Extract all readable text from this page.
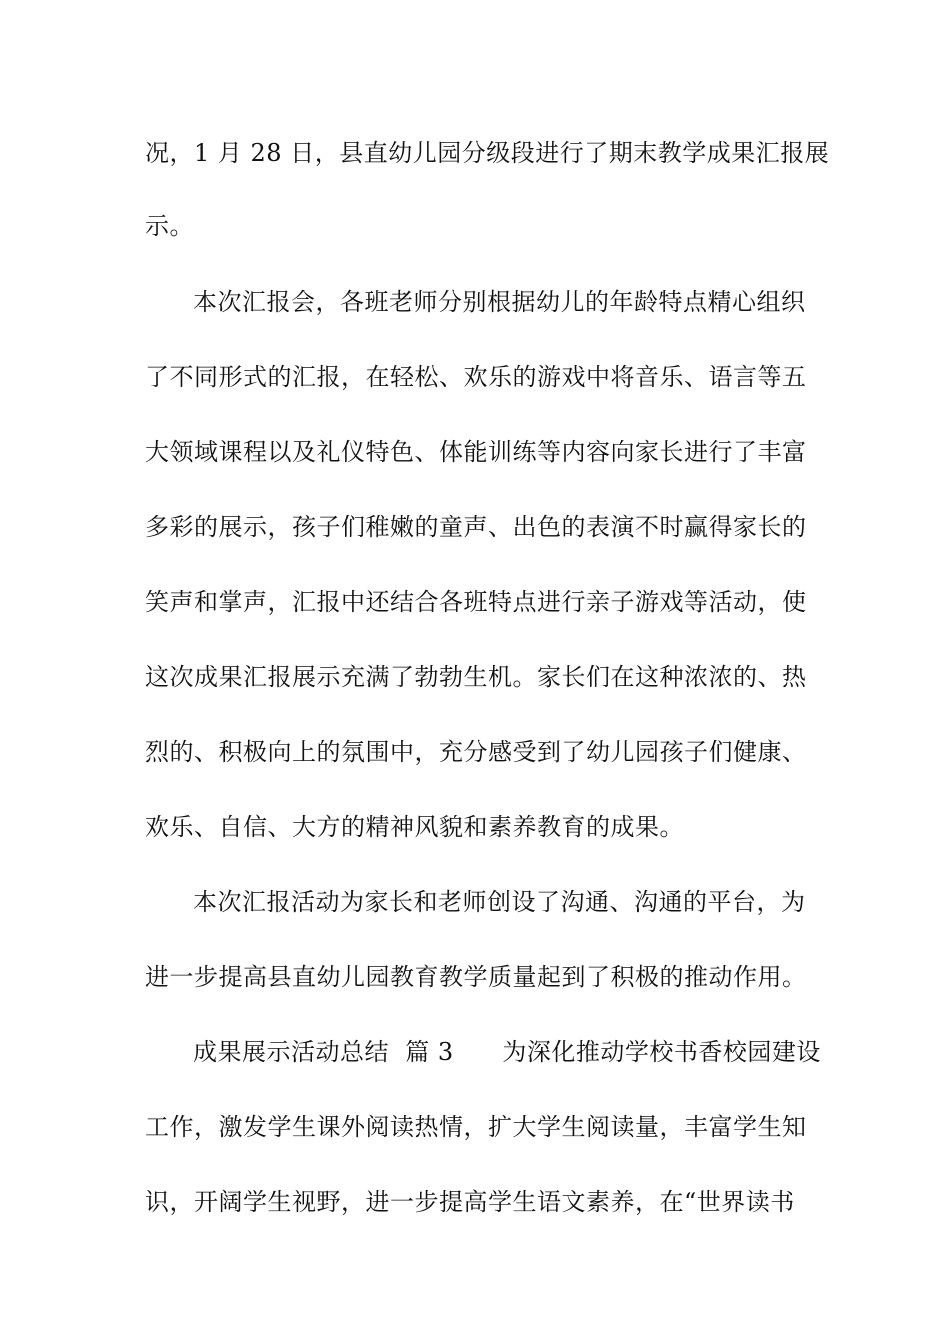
况，1 月 28 日，县直幼儿园分级段进行了期末教学成果汇报展
示。
本次汇报会，各班老师分别根据幼儿的年龄特点精心组织
了不同形式的汇报，在轻松、欢乐的游戏中将音乐、语言等五
大领域课程以及礼仪特色、体能训练等内容向家长进行了丰富
多彩的展示，孩子们稚嫩的童声、出色的表演不时赢得家长的
笑声和掌声，汇报中还结合各班特点进行亲子游戏等活动，使
这次成果汇报展示充满了勃勃生机。家长们在这种浓浓的、热
烈的、积极向上的氛围中，充分感受到了幼儿园孩子们健康、
欢乐、自信、大方的精神风貌和素养教育的成果。
本次汇报活动为家长和老师创设了沟通、沟通的平台，为
进一步提高县直幼儿园教育教学质量起到了积极的推动作用。
成果展示活动总结  篇 3      为深化推动学校书香校园建设
工作，激发学生课外阅读热情，扩大学生阅读量，丰富学生知
识，开阔学生视野，进一步提高学生语文素养，在“世界读书
